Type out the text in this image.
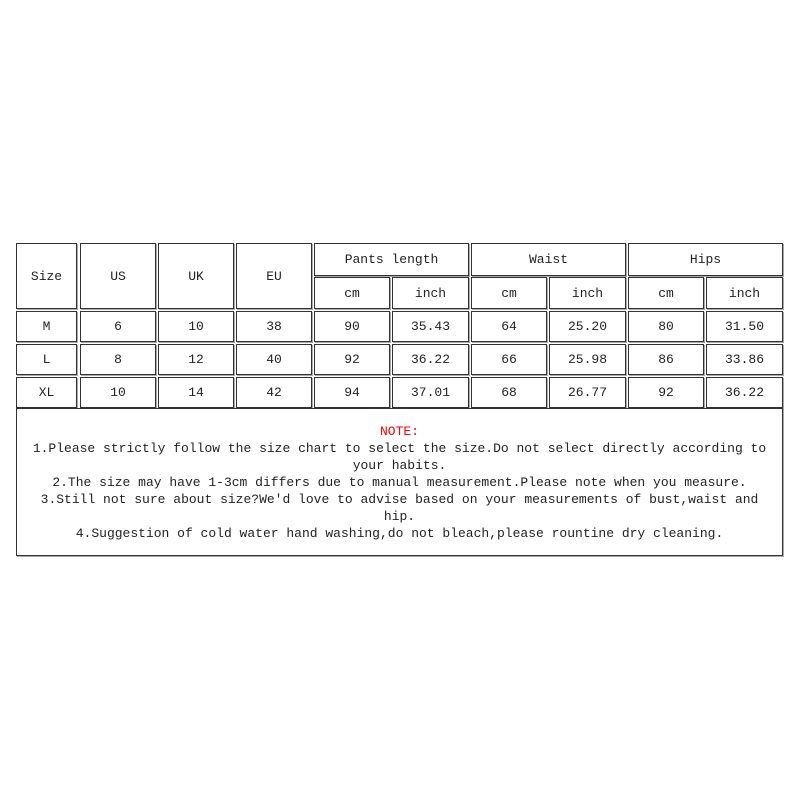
Size	US	UK	EU
Pants length	Waist	Hips
cm	inch	cm	inch	cm	inch
M	6	10	38	90	35.43	64	25.20	80	31.50
L	8	12	40	92	36.22	66	25.98	86	33.86
XL	10	14	42	94	37.01	68	26.77	92	36.22
NOTE:
1.Please strictly follow the size chart to select the size.Do not select directly according to your habits.
2.The size may have 1-3cm differs due to manual measurement.Please note when you measure.
3.Still not sure about size?We'd love to advise based on your measurements of bust,waist and hip.
4.Suggestion of cold water hand washing,do not bleach,please rountine dry cleaning.
